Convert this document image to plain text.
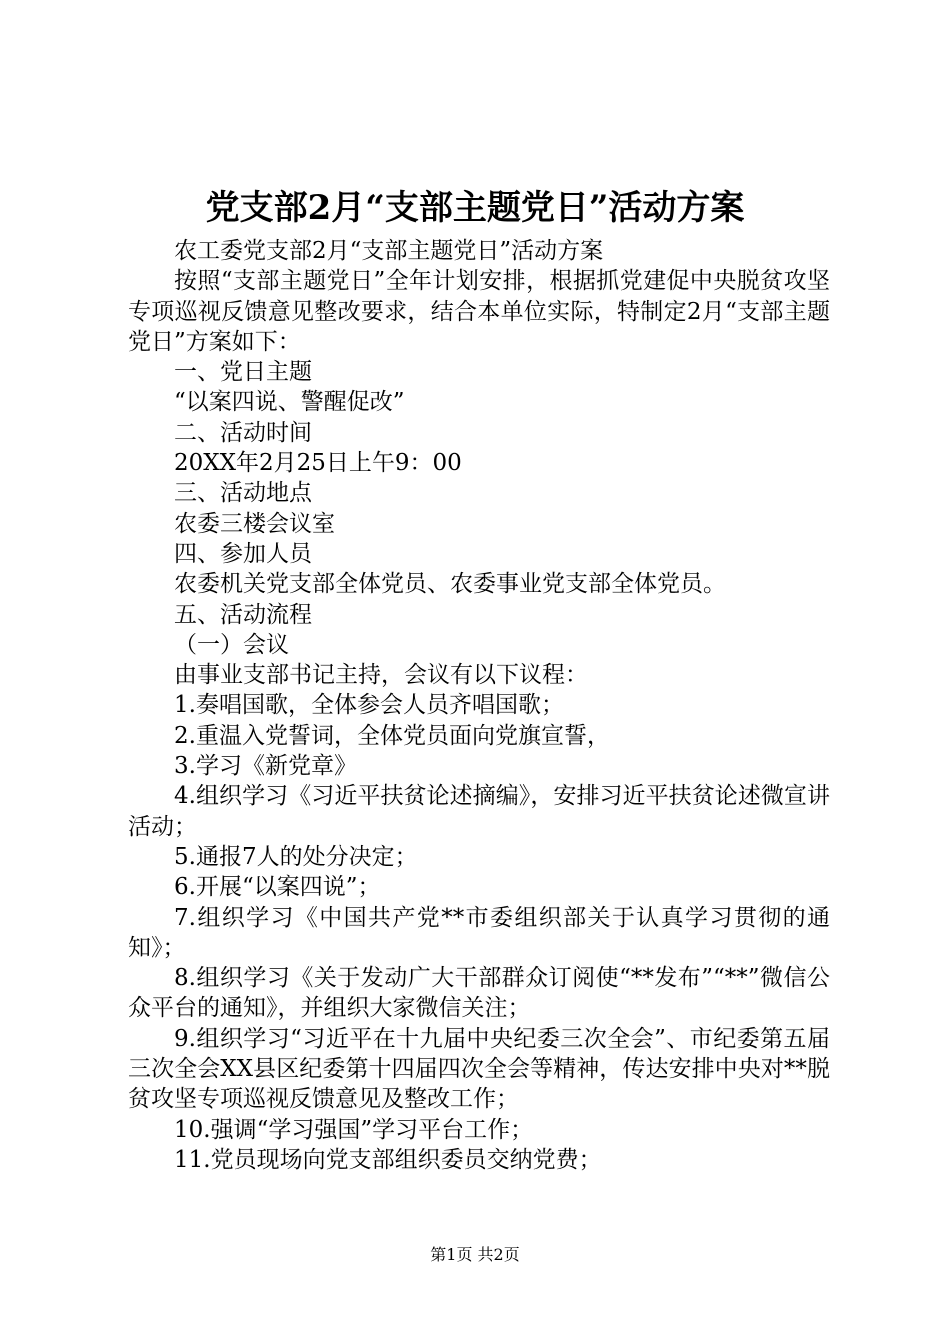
党支部2月“支部主题党日”活动方案

农工委党支部2月“支部主题党日”活动方案

按照“支部主题党日”全年计划安排，根据抓党建促中央脱贫攻坚专项巡视反馈意见整改要求，结合本单位实际，特制定2月“支部主题党日”方案如下：

一、党日主题

“以案四说、警醒促改”

二、活动时间

20XX年2月25日上午9：00

三、活动地点

农委三楼会议室

四、参加人员

农委机关党支部全体党员、农委事业党支部全体党员。

五、活动流程

（一）会议

由事业支部书记主持，会议有以下议程：

1.奏唱国歌，全体参会人员齐唱国歌；

2.重温入党誓词，全体党员面向党旗宣誓，

3.学习《新党章》

4.组织学习《习近平扶贫论述摘编》，安排习近平扶贫论述微宣讲活动；

5.通报7人的处分决定；

6.开展“以案四说”；

7.组织学习《中国共产党**市委组织部关于认真学习贯彻的通知》；

8.组织学习《关于发动广大干部群众订阅使“**发布”“**”微信公众平台的通知》，并组织大家微信关注；

9.组织学习“习近平在十九届中央纪委三次全会”、市纪委第五届三次全会XX县区纪委第十四届四次全会等精神，传达安排中央对**脱贫攻坚专项巡视反馈意见及整改工作；

10.强调“学习强国”学习平台工作；

11.党员现场向党支部组织委员交纳党费；

第1页 共2页
